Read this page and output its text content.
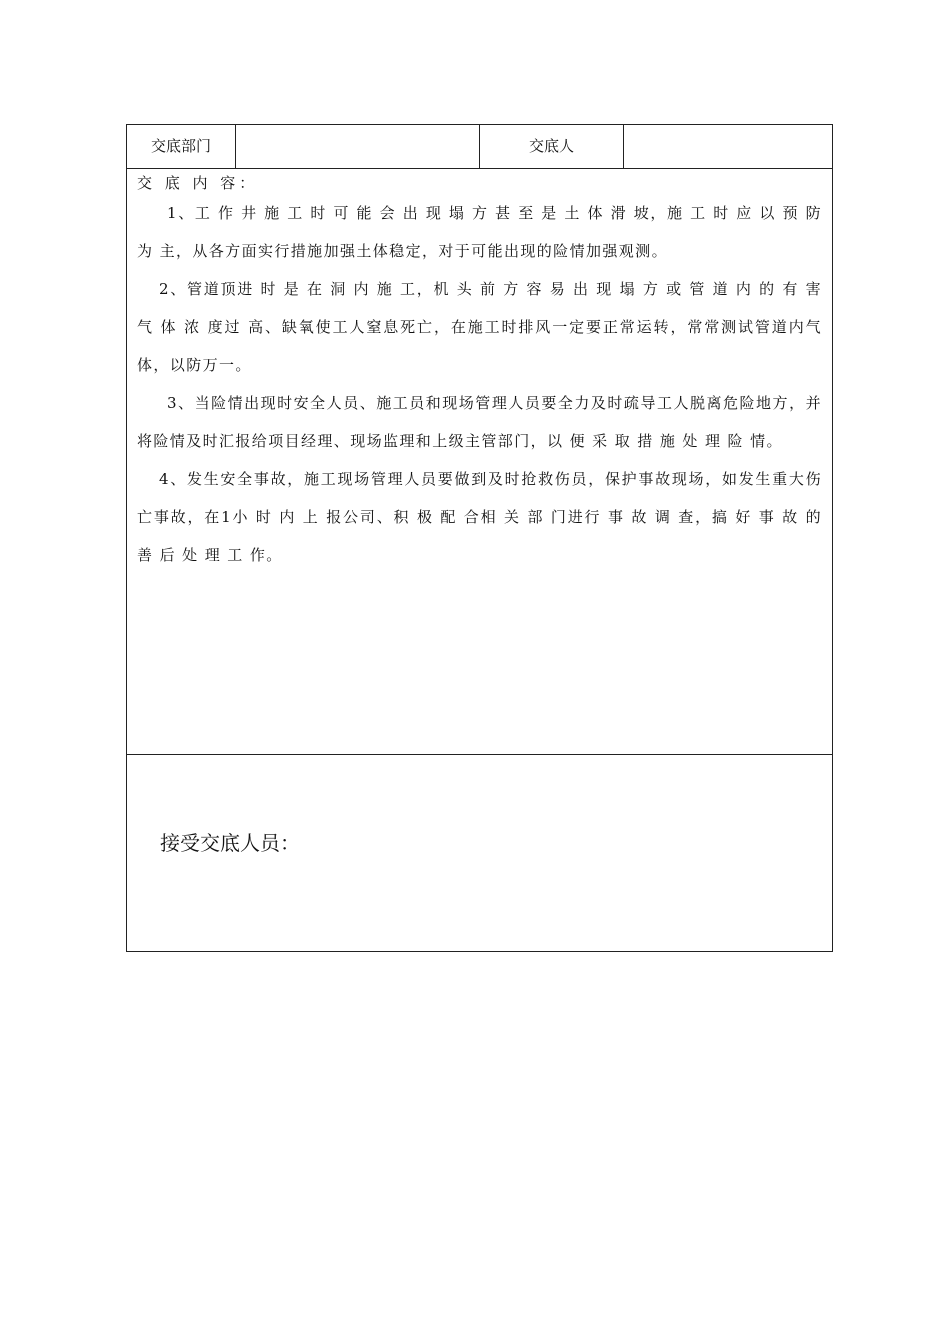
交底部门	交底人

交 底 内 容：

1、工 作 井 施 工 时 可 能 会 出 现 塌 方 甚 至 是 土 体 滑 坡，施 工 时 应 以 预 防 为 主，从各方面实行措施加强土体稳定，对于可能出现的险情加强观测。

2、管道顶进 时 是 在 洞 内 施 工，机 头 前 方 容 易 出 现 塌 方 或 管 道 内 的 有 害 气 体 浓 度过 高、缺氧使工人窒息死亡，在施工时排风一定要正常运转，常常测试管道内气体，以防万一。

3、当险情出现时安全人员、施工员和现场管理人员要全力及时疏导工人脱离危险地方，并将险情及时汇报给项目经理、现场监理和上级主管部门，以 便 采 取 措 施 处 理 险 情。

4、发生安全事故，施工现场管理人员要做到及时抢救伤员，保护事故现场，如发生重大伤亡事故，在1小 时 内 上 报公司、积 极 配 合相 关 部 门进行 事 故 调 查，搞 好 事 故 的 善 后 处 理 工 作。

接受交底人员：
